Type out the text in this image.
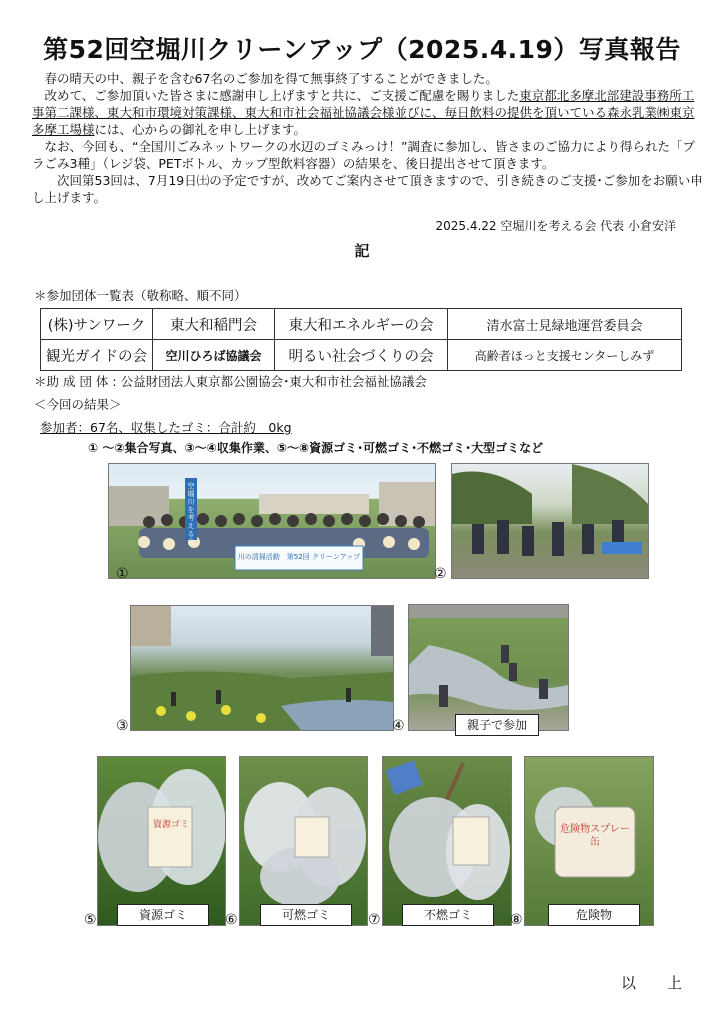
第52回空堀川クリーンアップ（2025.4.19）写真報告

春の晴天の中、親子を含む67名のご参加を得て無事終了することができました。

改めて、ご参加頂いた皆さまに感謝申し上げますと共に、ご支援ご配慮を賜りました東京都北多摩北部建設事務所工事第二課様、東大和市環境対策課様、東大和市社会福祉協議会様並びに、毎日飲料の提供を頂いている森永乳業㈱東京多摩工場様には、心からの御礼を申し上げます。

なお、今回も、“全国川ごみネットワークの水辺のゴミみっけ！”調査に参加し、皆さまのご協力により得られた「プラごみ3種」（レジ袋、PETボトル、カップ型飲料容器）の結果を、後日提出させて頂きます。

次回第53回は、7月19日㈯の予定ですが、改めてご案内させて頂きますので、引き続きのご支援･ご参加をお願い申し上げます。

2025.4.22 空堀川を考える会 代表 小倉安洋
記
＊参加団体一覧表（敬称略、順不同）
(株)サンワーク	東大和稲門会	東大和エネルギーの会	清水富士見緑地運営委員会
観光ガイドの会	空川ひろば協議会	明るい社会づくりの会	高齢者ほっと支援センターしみず
＊助 成 団 体 : 公益財団法人東京都公園協会･東大和市社会福祉協議会
＜今回の結果＞
参加者：67名、収集したゴミ：合計約　0kg
① ～②集合写真、③～④収集作業、⑤～⑧資源ゴミ･可燃ゴミ･不燃ゴミ･大型ゴミなど
川の清掃活動　第52回 クリーンアップ
空堀川を考える会
①	②
③	④	親子で参加
資源ゴミ
⑤	資源ゴミ	⑥	可燃ゴミ	⑦	不燃ゴミ
危険物スプレー缶
⑧	危険物
以　上
